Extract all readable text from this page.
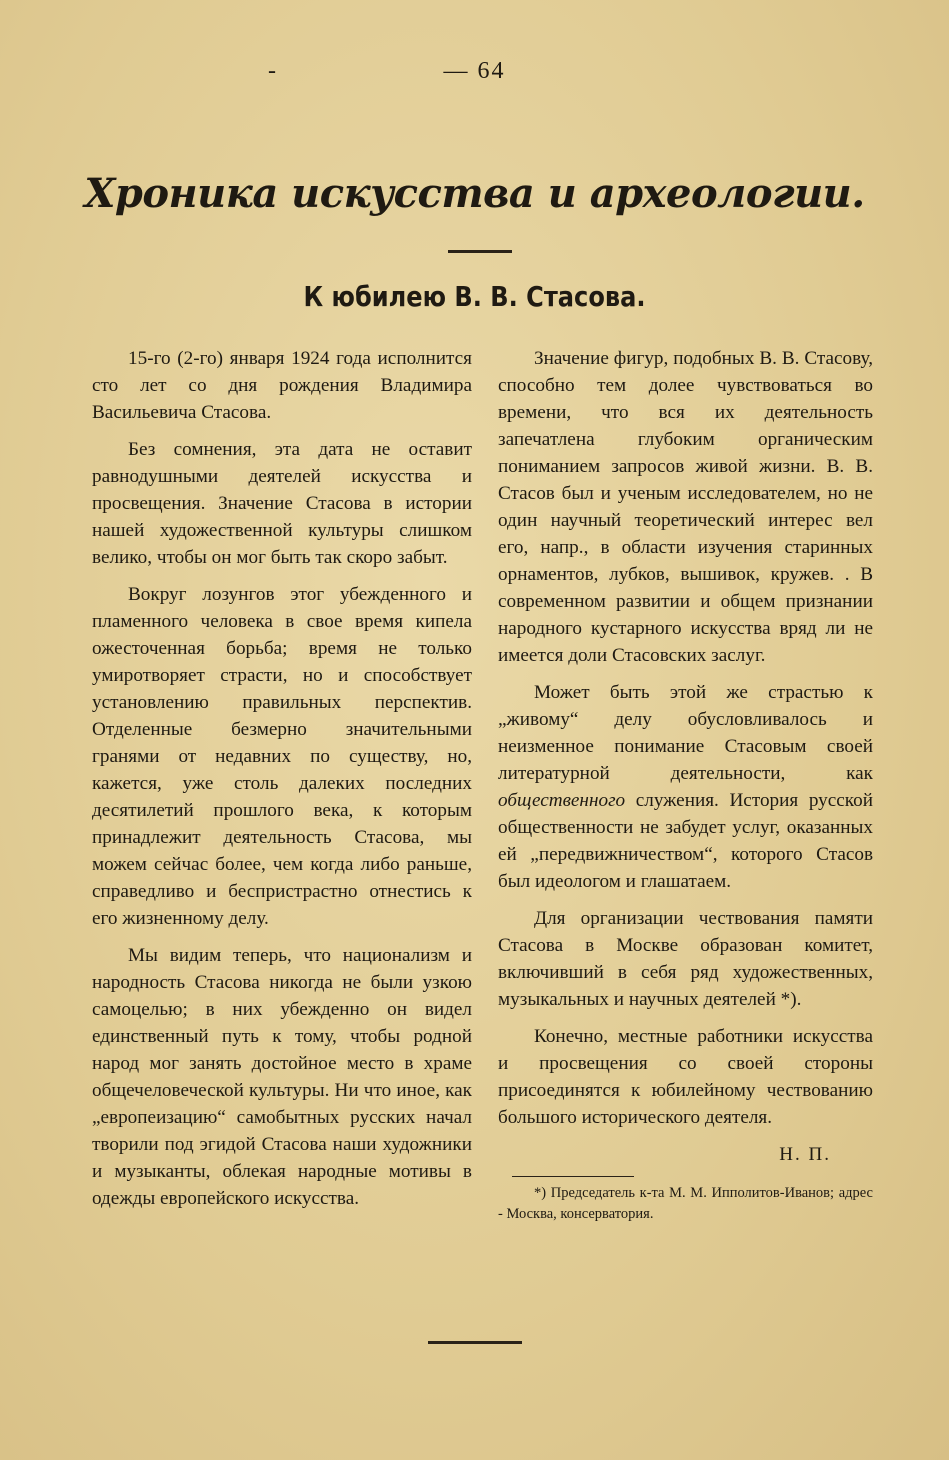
-	— 64
Хроника искусства и археологии.
К юбилею В. В. Стасова.

15-го (2-го) января 1924 года исполнится сто лет со дня рождения Владимира Васильевича Стасова.

Без сомнения, эта дата не оставит равнодушными деятелей искусства и просвещения. Значение Стасова в истории нашей художественной культуры слишком велико, чтобы он мог быть так скоро забыт.

Вокруг лозунгов этог убежденного и пламенного человека в свое время кипела ожесточенная борьба; время не только умиротворяет страсти, но и способствует установлению правильных перспектив. Отделенные безмерно значительными гранями от недавних по существу, но, кажется, уже столь далеких последних десятилетий прошлого века, к которым принадлежит деятельность Стасова, мы можем сейчас более, чем когда либо раньше, справедливо и беспристрастно отнестись к его жизненному делу.

Мы видим теперь, что национализм и народность Стасова никогда не были узкою самоцелью; в них убежденно он видел единственный путь к тому, чтобы родной народ мог занять достойное место в храме общечеловеческой культуры. Ни что иное, как „европеизацию“ самобытных русских начал творили под эгидой Стасова наши художники и музыканты, облекая народные мотивы в одежды европейского искусства.

Значение фигур, подобных В. В. Стасову, способно тем долее чувствоваться во времени, что вся их деятельность запечатлена глубоким органическим пониманием запросов живой жизни. В. В. Стасов был и ученым исследователем, но не один научный теоретический интерес вел его, напр., в области изучения старинных орнаментов, лубков, вышивок, кружев. . В современном развитии и общем признании народного кустарного искусства вряд ли не имеется доли Стасовских заслуг.

Может быть этой же страстью к „живому“ делу обусловливалось и неизменное понимание Стасовым своей литературной деятельности, как общественного служения. История русской общественности не забудет услуг, оказанных ей „передвижничеством“, которого Стасов был идеологом и глашатаем.

Для организации чествования памяти Стасова в Москве образован комитет, включивший в себя ряд художественных, музыкальных и научных деятелей *).

Конечно, местные работники искусства и просвещения со своей стороны присоединятся к юбилейному чествованию большого исторического деятеля.

Н. П.

*) Председатель к-та М. М. Ипполитов-Иванов; адрес - Москва, консерватория.
